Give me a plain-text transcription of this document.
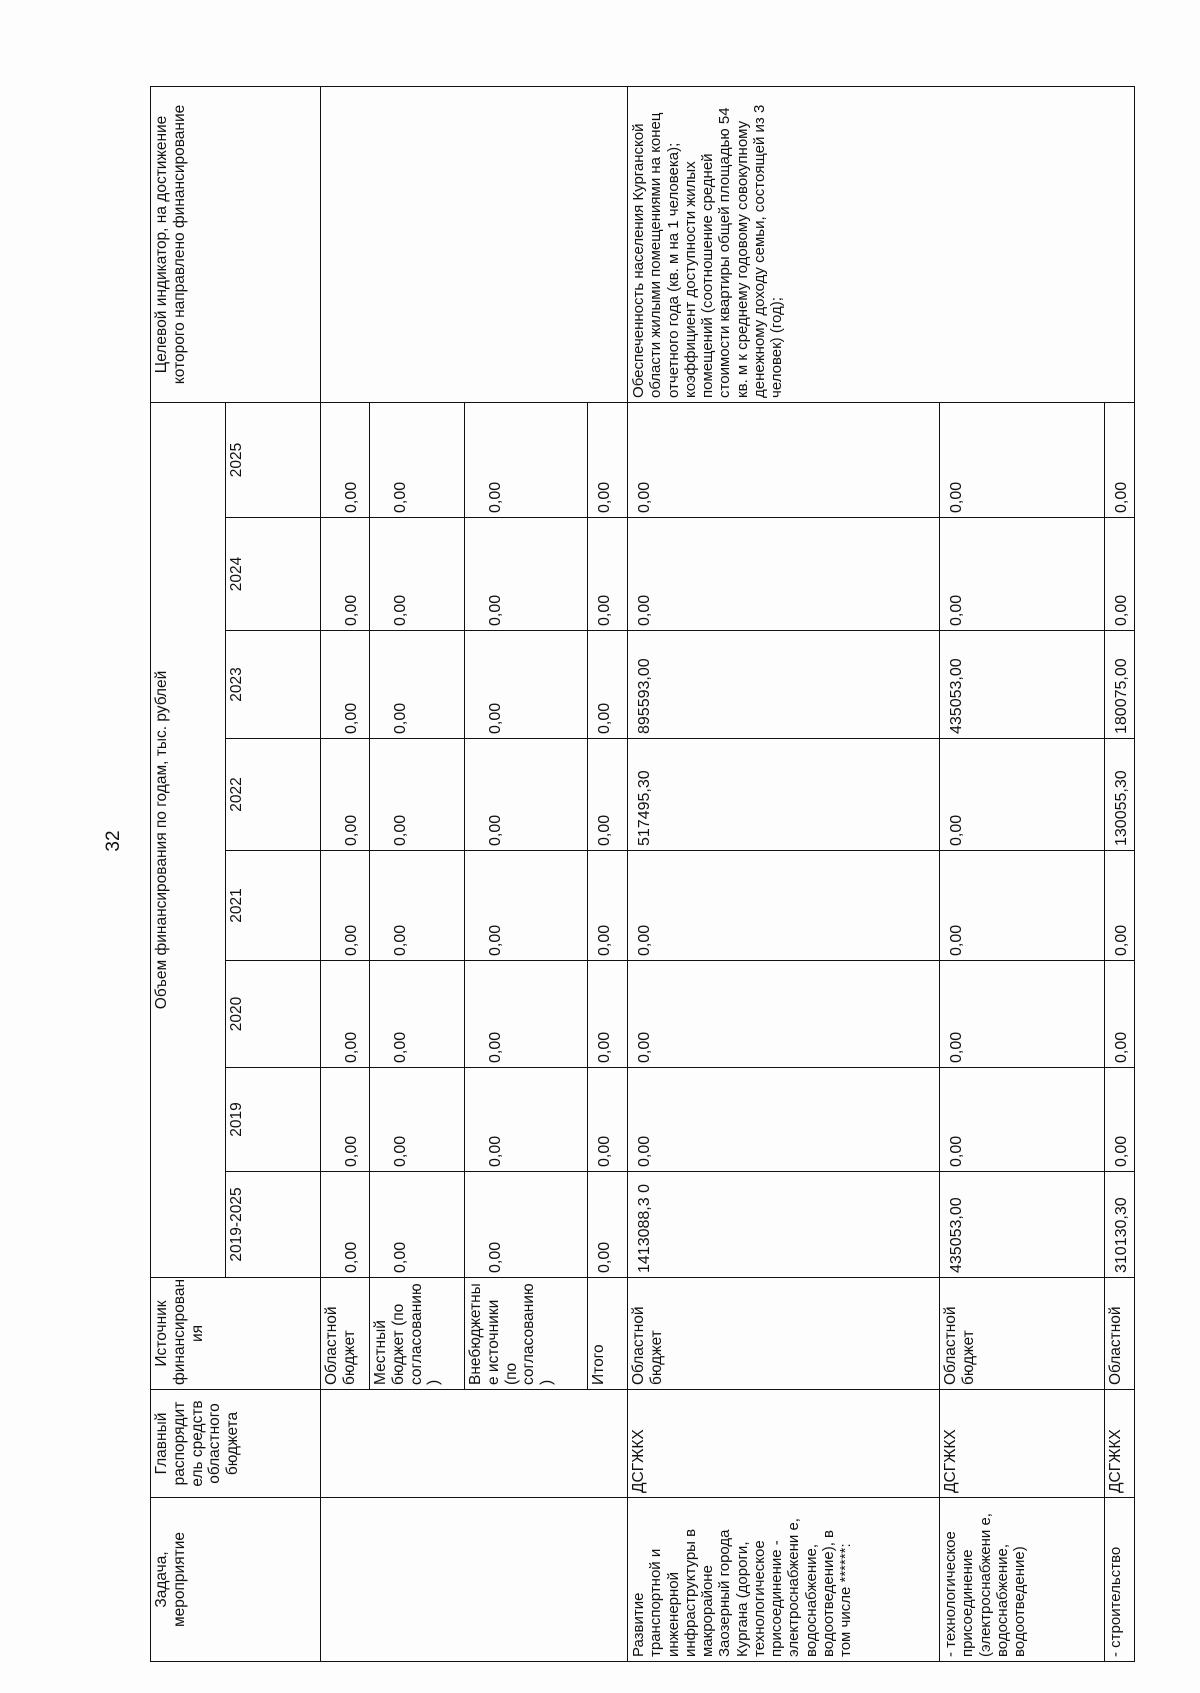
32
Задача, мероприятие	Главный распорядит ель средств областного бюджета	Источник финансирован ия	Объем финансирования по годам, тыс. рублей								Целевой индикатор, на достижение которого направлено финансирование
			2019-2025	2019	2020	2021	2022	2023	2024	2025	
		Областной бюджет	0,00	0,00	0,00	0,00	0,00	0,00	0,00	0,00	
		Местный бюджет (по согласованию )	0,00	0,00	0,00	0,00	0,00	0,00	0,00	0,00	
		Внебюджетны е источники (по согласованию )	0,00	0,00	0,00	0,00	0,00	0,00	0,00	0,00	
		Итого	0,00	0,00	0,00	0,00	0,00	0,00	0,00	0,00	
Развитие транспортной и инженерной инфраструктуры в макрорайоне Заозерный города Кургана (дороги, технологическое присоединение - электроснабжени е, водоснабжение, водоотведение), в том числе ******:	ДСГЖКХ	Областной бюджет	1413088,3 0	0,00	0,00	0,00	517495,30	895593,00	0,00	0,00	Обеспеченность населения Курганской области жилыми помещениями на конец отчетного года (кв. м на 1 человека); коэффициент доступности жилых помещений (соотношение средней стоимости квартиры общей площадью 54 кв. м к среднему годовому совокупному денежному доходу семьи, состоящей из 3 человек) (год);
- технологическое присоединение (электроснабжени е, водоснабжение, водоотведение)	ДСГЖКХ	Областной бюджет	435053,00	0,00	0,00	0,00	0,00	435053,00	0,00	0,00	
- строительство	ДСГЖКХ	Областной	310130,30	0,00	0,00	0,00	130055,30	180075,00	0,00	0,00	
